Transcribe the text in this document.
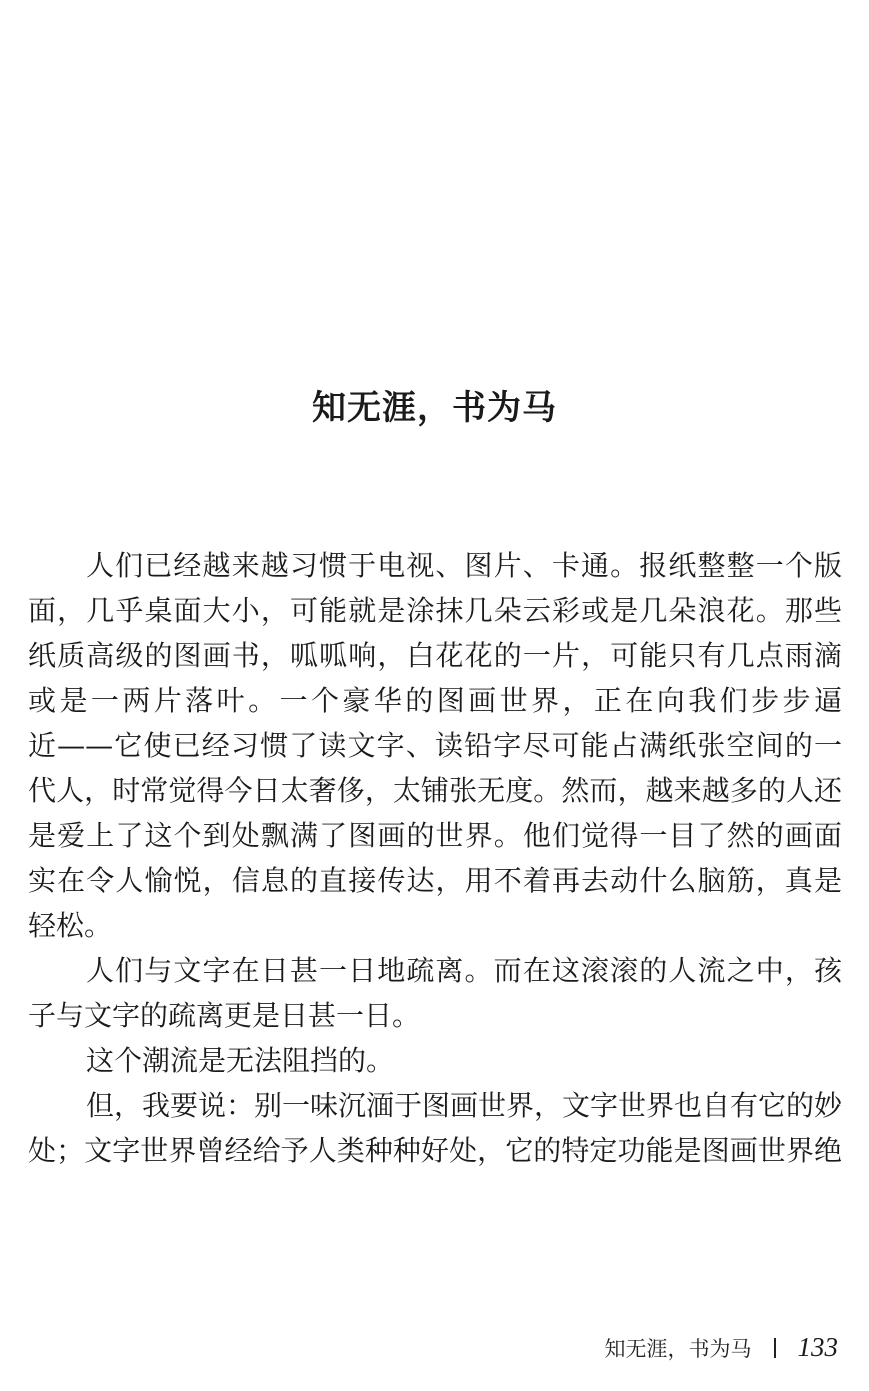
知无涯，书为马
人们已经越来越习惯于电视、图片、卡通。报纸整整一个版
面，几乎桌面大小，可能就是涂抹几朵云彩或是几朵浪花。那些
纸质高级的图画书，呱呱响，白花花的一片，可能只有几点雨滴
或是一两片落叶。一个豪华的图画世界，正在向我们步步逼
近——它使已经习惯了读文字、读铅字尽可能占满纸张空间的一
代人，时常觉得今日太奢侈，太铺张无度。然而，越来越多的人还
是爱上了这个到处飘满了图画的世界。他们觉得一目了然的画面
实在令人愉悦，信息的直接传达，用不着再去动什么脑筋，真是
轻松。
人们与文字在日甚一日地疏离。而在这滚滚的人流之中，孩
子与文字的疏离更是日甚一日。
这个潮流是无法阻挡的。
但，我要说：别一味沉湎于图画世界，文字世界也自有它的妙
处；文字世界曾经给予人类种种好处，它的特定功能是图画世界绝
知无涯，书为马 133
